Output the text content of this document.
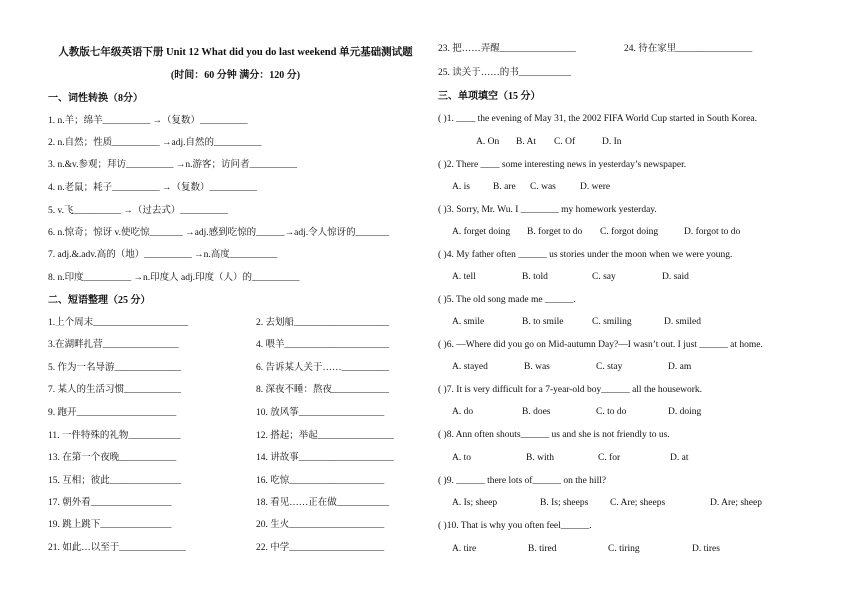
人教版七年级英语下册 Unit 12 What did you do last weekend 单元基础测试题
(时间：60 分钟 满分：120 分)
一、词性转换（8分）
1. n.羊；绵羊__________ →（复数）__________
2. n.自然；性质__________ →adj.自然的__________
3. n.&v.参观；拜访__________ →n.游客；访问者__________
4. n.老鼠；耗子__________ →（复数）__________
5. v.飞__________ →（过去式）__________
6. n.惊奇；惊讶 v.使吃惊_______ →adj.感到吃惊的______→adj.令人惊讶的_______
7. adj.&.adv.高的（地）__________ →n.高度__________
8. n.印度__________ →n.印度人 adj.印度（人）的__________
二、短语整理（25 分）
1.上个周末____________________	2. 去划船____________________
3.在湖畔扎营________________	4. 喂羊______________________
5. 作为一名导游______________	6. 告诉某人关于……__________
7. 某人的生活习惯____________	8. 深夜不睡：熬夜____________
9. 跑开_____________________	10. 放风筝__________________
11. 一件特殊的礼物___________	12. 搭起；举起________________
13. 在第一个夜晚____________	14. 讲故事____________________
15. 互相；彼此_______________	16. 吃惊____________________
17. 朝外看_________________	18. 看见……正在做___________
19. 跳上跳下_______________	20. 生火____________________
21. 如此…以至于______________	22. 中学____________________
23. 把……弄醒________________	24. 待在家里________________
25. 读关于……的书___________
三、单项填空（15 分）
( )1. ____ the evening of May 31, the 2002 FIFA World Cup started in South Korea.
A. On B. At C. Of	D. In
( )2. There ____ some interesting news in yesterday’s newspaper.
A. is B. are C. was	D. were
( )3. Sorry, Mr. Wu. I ________ my homework yesterday.
A. forget doing B. forget to do C. forgot doing	D. forgot to do
( )4. My father often ______ us stories under the moon when we were young.
A. tell	B. told	C. say	D. said
( )5. The old song made me ______.
A. smile	B. to smile	C. smiling	D. smiled
( )6. —Where did you go on Mid-autumn Day?—I wasn’t out. I just ______ at home.
A. stayed	B. was	C. stay	D. am
( )7. It is very difficult for a 7-year-old boy______ all the housework.
A. do	B. does	C. to do	D. doing
( )8. Ann often shouts______ us and she is not friendly to us.
A. to	B. with	C. for	D. at
( )9. ______ there lots of______ on the hill?
A. Is; sheep	B. Is; sheeps C. Are; sheeps	D. Are; sheep
( )10. That is why you often feel______.
A. tire	B. tired	C. tiring	D. tires
